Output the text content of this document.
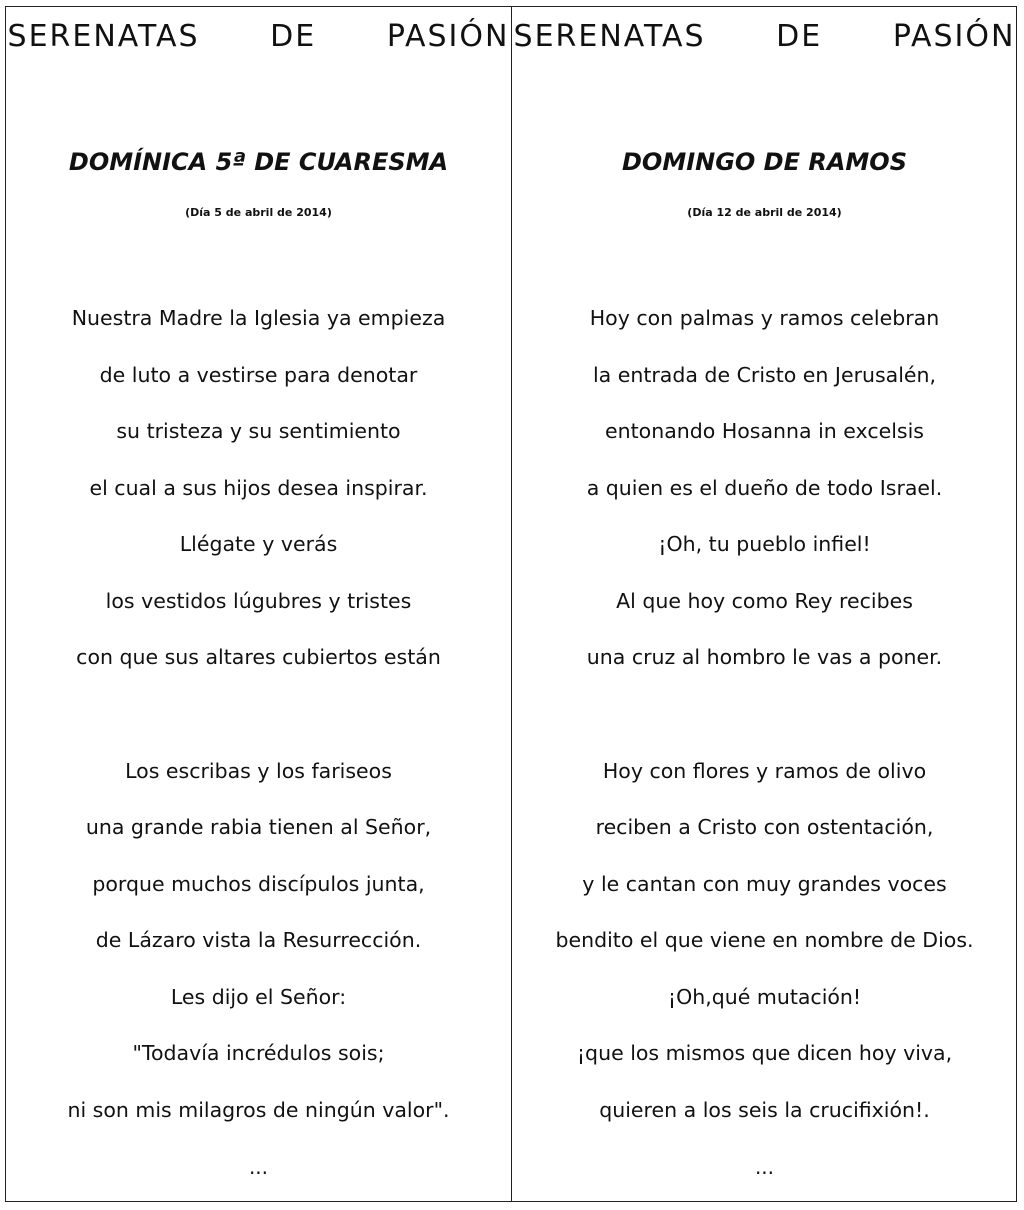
SERENATAS   DE   PASIÓN
DOMÍNICA 5ª DE CUARESMA
(Día 5 de abril de 2014)
Nuestra Madre la Iglesia ya empieza
de luto a vestirse para denotar
su tristeza y su sentimiento
el cual a sus hijos desea inspirar.
Llégate y verás
los vestidos lúgubres y tristes
con que sus altares cubiertos están
Los escribas y los fariseos
una grande rabia tienen al Señor,
porque muchos discípulos junta,
de Lázaro vista la Resurrección.
Les dijo el Señor:
"Todavía incrédulos sois;
ni son mis milagros de ningún valor".
...
SERENATAS   DE   PASIÓN
DOMINGO DE RAMOS
(Día 12 de abril de 2014)
Hoy con palmas y ramos celebran
la entrada de Cristo en Jerusalén,
entonando Hosanna in excelsis
a quien es el dueño de todo Israel.
¡Oh, tu pueblo infiel!
Al que hoy como Rey recibes
una cruz al hombro le vas a poner.
Hoy con flores y ramos de olivo
reciben a Cristo con ostentación,
y le cantan con muy grandes voces
bendito el que viene en nombre de Dios.
¡Oh,qué mutación!
¡que los mismos que dicen hoy viva,
quieren a los seis la crucifixión!.
...
